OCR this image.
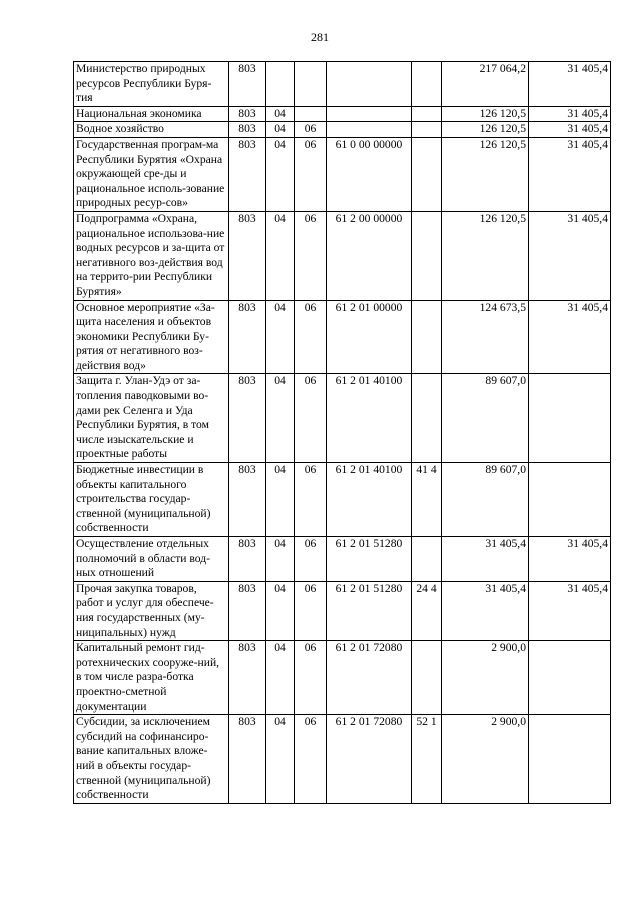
281
Министерство природных ресурсов Республики Буря-тия	803					217 064,2	31 405,4
Национальная экономика	803	04				126 120,5	31 405,4
Водное хозяйство	803	04	06			126 120,5	31 405,4
Государственная програм-ма Республики Бурятия «Охрана окружающей сре-ды и рациональное исполь-зование природных ресур-сов»	803	04	06	61 0 00 00000		126 120,5	31 405,4
Подпрограмма «Охрана, рациональное использова-ние водных ресурсов и за-щита от негативного воз-действия вод на террито-рии Республики Бурятия»	803	04	06	61 2 00 00000		126 120,5	31 405,4
Основное мероприятие «За-щита населения и объектов экономики Республики Бу-рятия от негативного воз-действия вод»	803	04	06	61 2 01 00000		124 673,5	31 405,4
Защита г. Улан-Удэ от за-топления паводковыми во-дами рек Селенга и Уда Республики Бурятия, в том числе изыскательские и проектные работы	803	04	06	61 2 01 40100		89 607,0	
Бюджетные инвестиции в объекты капитального строительства государ-ственной (муниципальной) собственности	803	04	06	61 2 01 40100	41 4	89 607,0	
Осуществление отдельных полномочий в области вод-ных отношений	803	04	06	61 2 01 51280		31 405,4	31 405,4
Прочая закупка товаров, работ и услуг для обеспече-ния государственных (му-ниципальных) нужд	803	04	06	61 2 01 51280	24 4	31 405,4	31 405,4
Капитальный ремонт гид-ротехнических сооруже-ний, в том числе разра-ботка проектно-сметной документации	803	04	06	61 2 01 72080		2 900,0	
Субсидии, за исключением субсидий на софинансиро-вание капитальных вложе-ний в объекты государ-ственной (муниципальной) собственности	803	04	06	61 2 01 72080	52 1	2 900,0	
